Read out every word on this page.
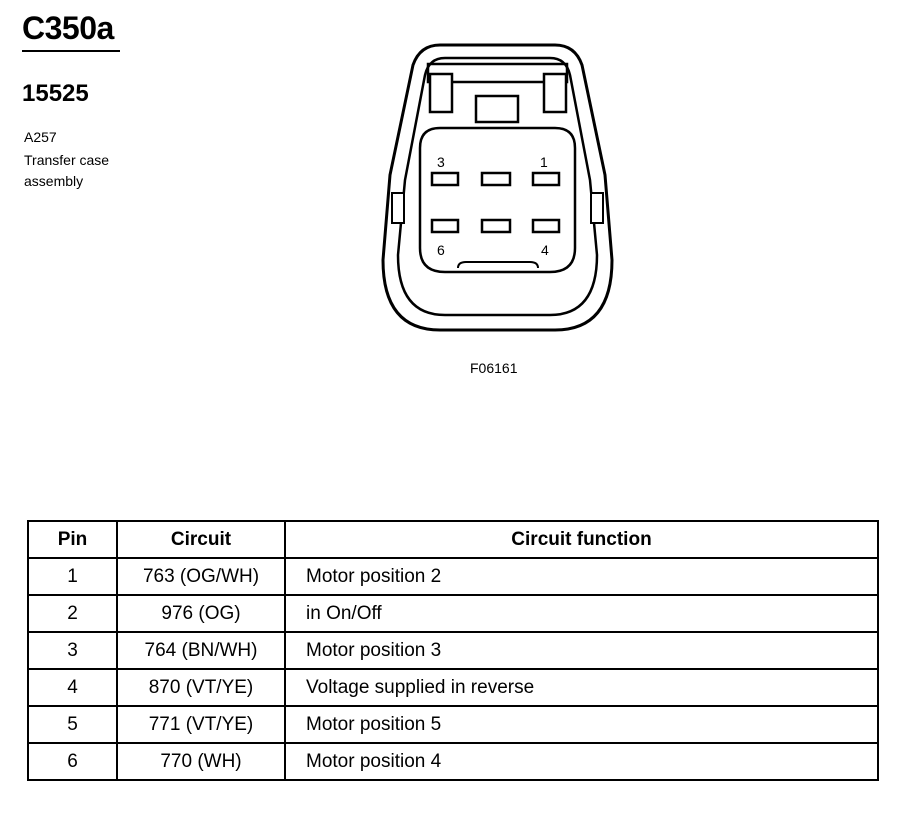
C350a
15525
A257
Transfer case assembly
3	1
6	4
F06161
Pin	Circuit	Circuit function
1	763 (OG/WH)	Motor position 2
2	976 (OG)	in On/Off
3	764 (BN/WH)	Motor position 3
4	870 (VT/YE)	Voltage supplied in reverse
5	771 (VT/YE)	Motor position 5
6	770 (WH)	Motor position 4
